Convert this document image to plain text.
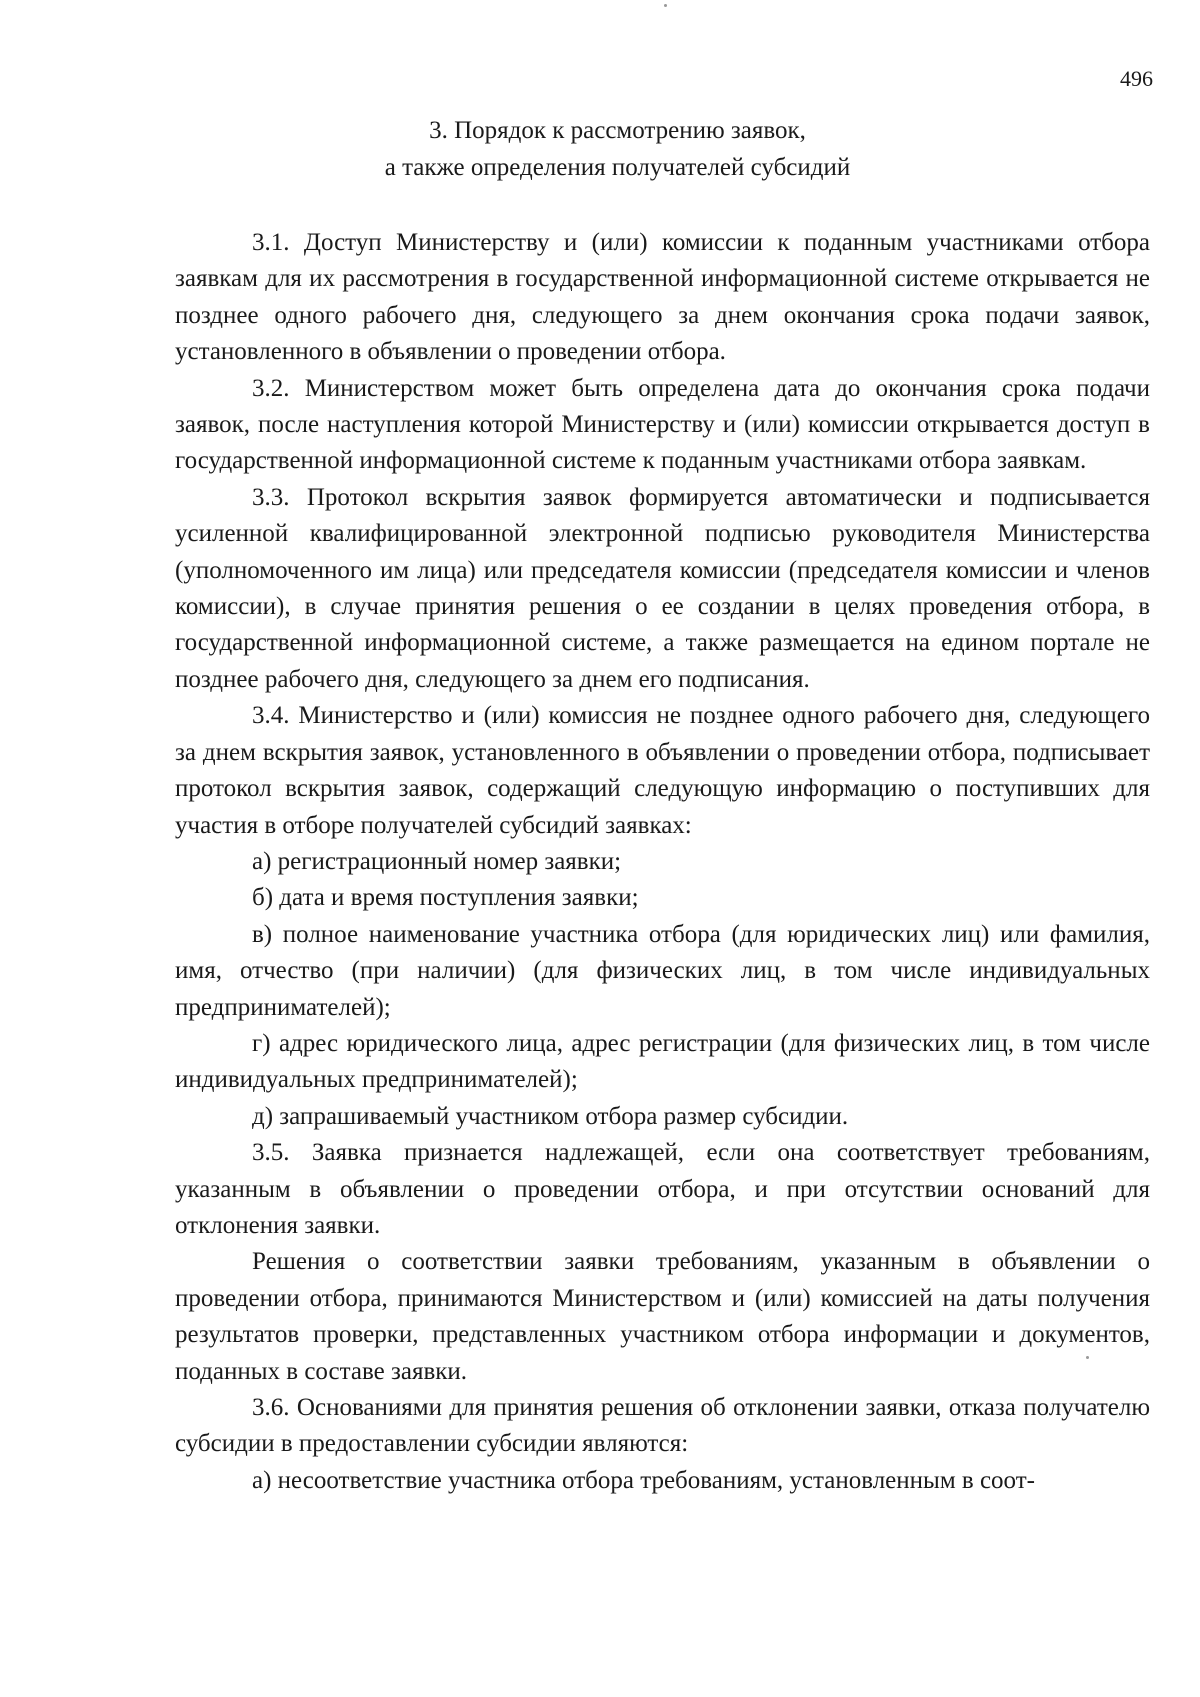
496
3. Порядок к рассмотрению заявок,
а также определения получателей субсидий

3.1. Доступ Министерству и (или) комиссии к поданным участниками отбора заявкам для их рассмотрения в государственной информационной системе открывается не позднее одного рабочего дня, следующего за днем окончания срока подачи заявок, установленного в объявлении о проведении отбора.

3.2. Министерством может быть определена дата до окончания срока подачи заявок, после наступления которой Министерству и (или) комиссии открывается доступ в государственной информационной системе к поданным участниками отбора заявкам.

3.3. Протокол вскрытия заявок формируется автоматически и подписывается усиленной квалифицированной электронной подписью руководителя Министерства (уполномоченного им лица) или председателя комиссии (председателя комиссии и членов комиссии), в случае принятия решения о ее создании в целях проведения отбора, в государственной информационной системе, а также размещается на едином портале не позднее рабочего дня, следующего за днем его подписания.

3.4. Министерство и (или) комиссия не позднее одного рабочего дня, следующего за днем вскрытия заявок, установленного в объявлении о проведении отбора, подписывает протокол вскрытия заявок, содержащий следующую информацию о поступивших для участия в отборе получателей субсидий заявках:

а) регистрационный номер заявки;

б) дата и время поступления заявки;

в) полное наименование участника отбора (для юридических лиц) или фамилия, имя, отчество (при наличии) (для физических лиц, в том числе индивидуальных предпринимателей);

г) адрес юридического лица, адрес регистрации (для физических лиц, в том числе индивидуальных предпринимателей);

д) запрашиваемый участником отбора размер субсидии.

3.5. Заявка признается надлежащей, если она соответствует требованиям, указанным в объявлении о проведении отбора, и при отсутствии оснований для отклонения заявки.

Решения о соответствии заявки требованиям, указанным в объявлении о проведении отбора, принимаются Министерством и (или) комиссией на даты получения результатов проверки, представленных участником отбора информации и документов, поданных в составе заявки.

3.6. Основаниями для принятия решения об отклонении заявки, отказа получателю субсидии в предоставлении субсидии являются:

а) несоответствие участника отбора требованиям, установленным в соот-
